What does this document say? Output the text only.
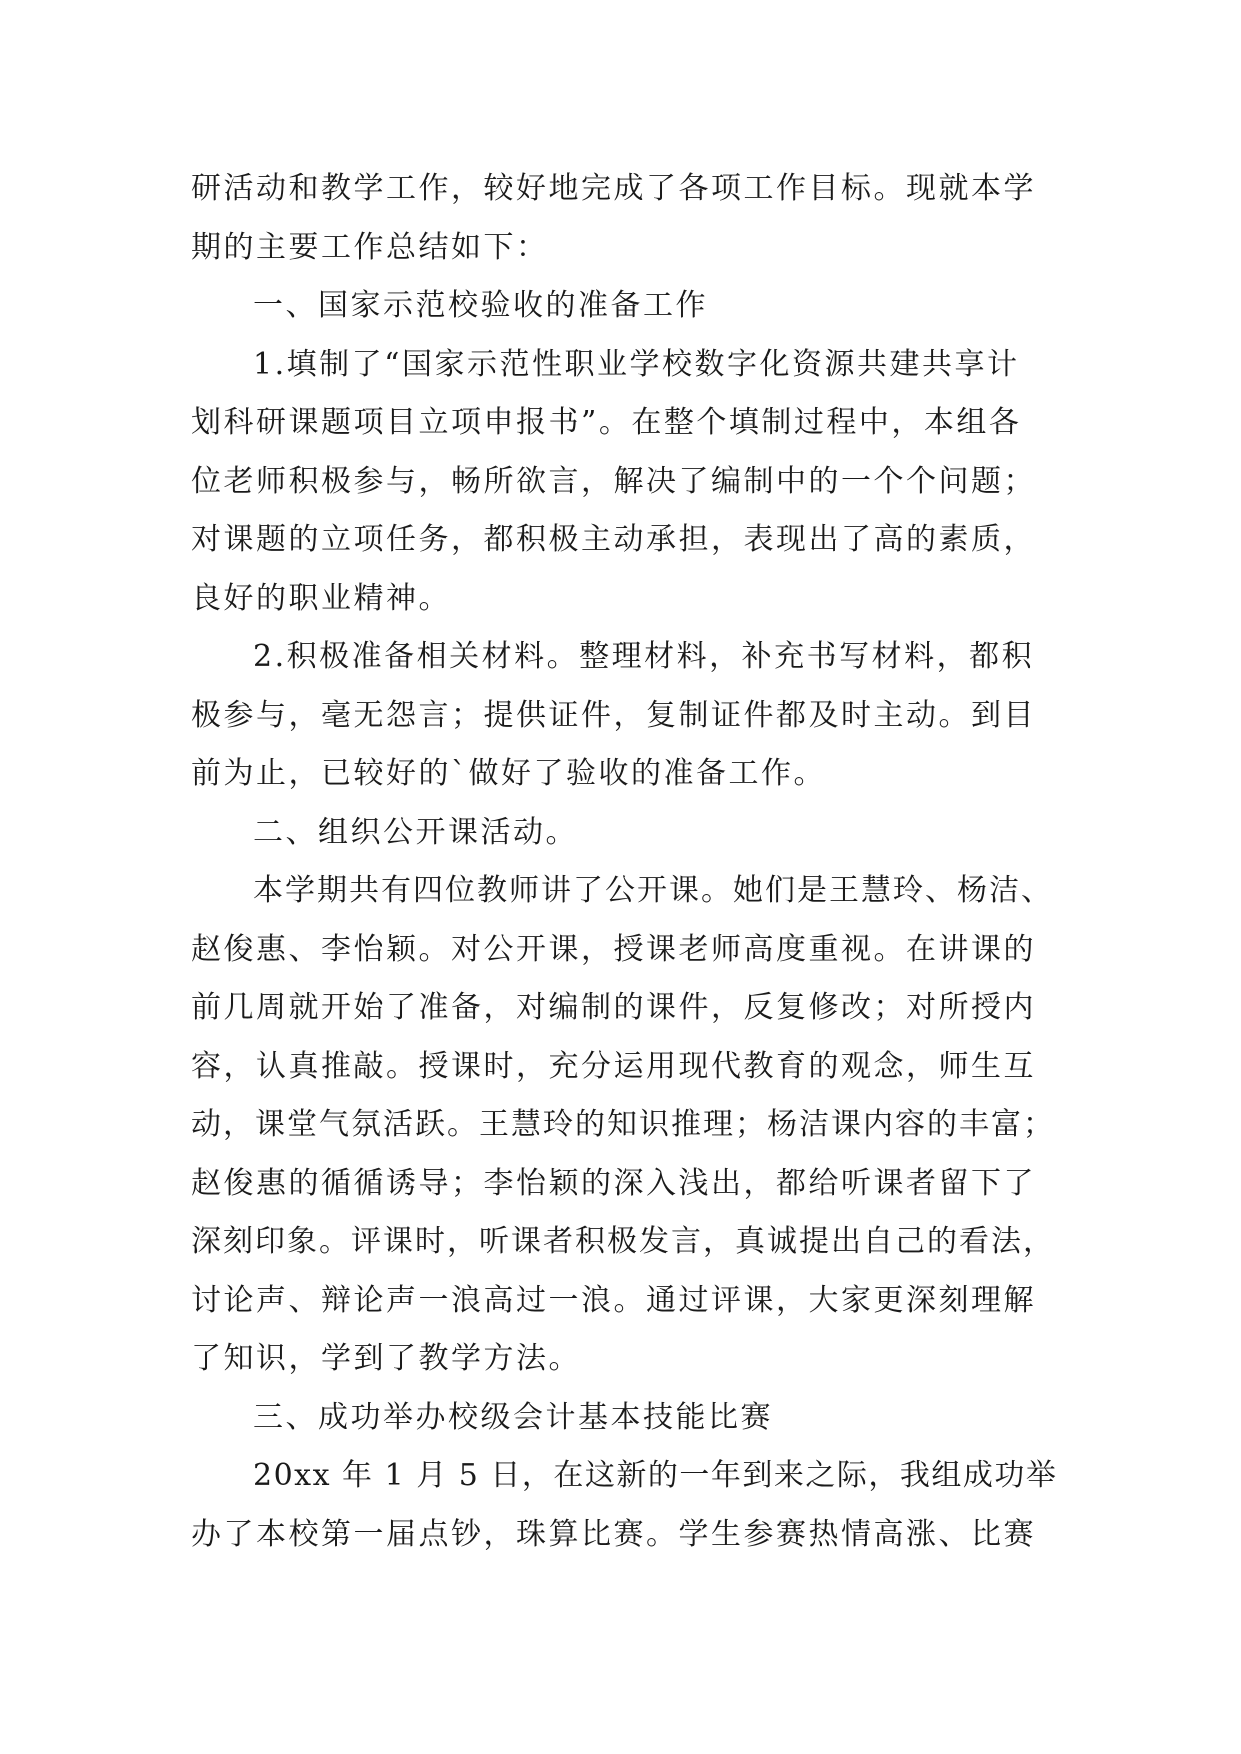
研活动和教学工作，较好地完成了各项工作目标。现就本学
期的主要工作总结如下：
一、国家示范校验收的准备工作
1.填制了“国家示范性职业学校数字化资源共建共享计
划科研课题项目立项申报书”。在整个填制过程中，本组各
位老师积极参与，畅所欲言，解决了编制中的一个个问题；
对课题的立项任务，都积极主动承担，表现出了高的素质，
良好的职业精神。
2.积极准备相关材料。整理材料，补充书写材料，都积
极参与，毫无怨言；提供证件，复制证件都及时主动。到目
前为止，已较好的`做好了验收的准备工作。
二、组织公开课活动。
本学期共有四位教师讲了公开课。她们是王慧玲、杨洁、
赵俊惠、李怡颖。对公开课，授课老师高度重视。在讲课的
前几周就开始了准备，对编制的课件，反复修改；对所授内
容，认真推敲。授课时，充分运用现代教育的观念，师生互
动，课堂气氛活跃。王慧玲的知识推理；杨洁课内容的丰富；
赵俊惠的循循诱导；李怡颖的深入浅出，都给听课者留下了
深刻印象。评课时，听课者积极发言，真诚提出自己的看法，
讨论声、辩论声一浪高过一浪。通过评课，大家更深刻理解
了知识，学到了教学方法。
三、成功举办校级会计基本技能比赛
20xx 年 1 月 5 日，在这新的一年到来之际，我组成功举
办了本校第一届点钞，珠算比赛。学生参赛热情高涨、比赛
